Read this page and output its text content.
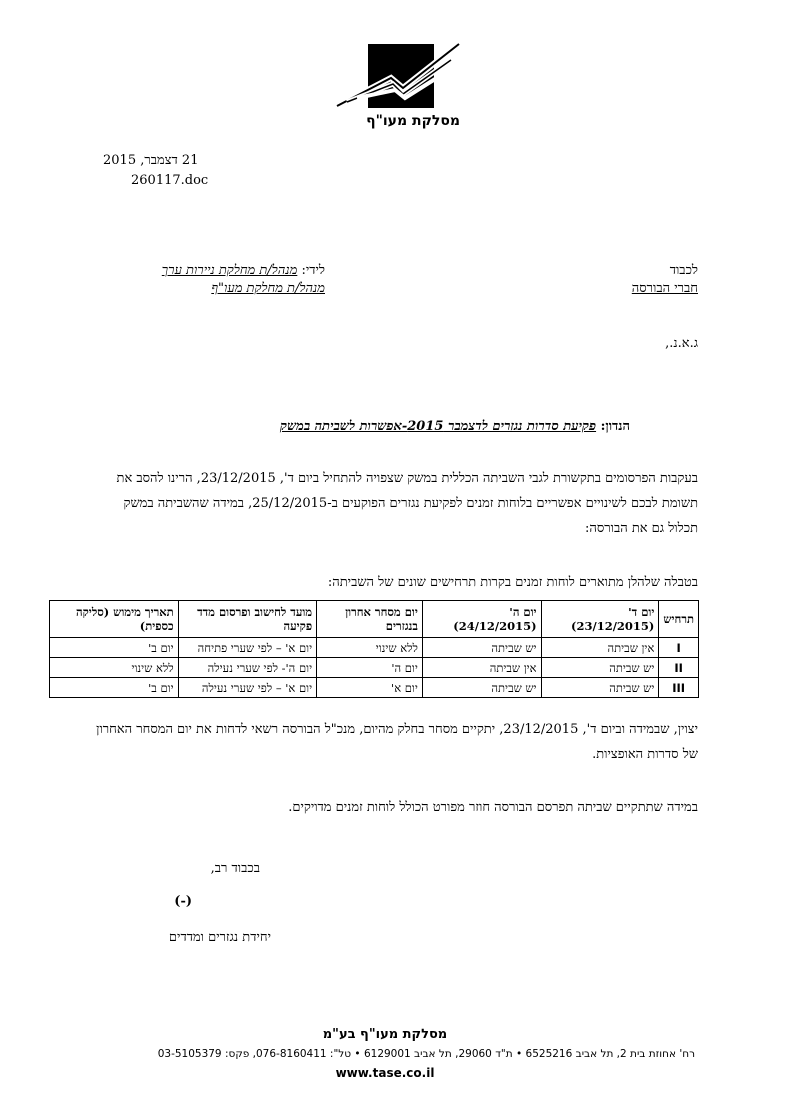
מסלקת מעו"ף
21 דצמבר, 2015
260117.doc
לידי: מנהל/ת מחלקת ניירות ערך
מנהל/ת מחלקת מעו"ף
לכבוד
חברי הבורסה
ג.א.נ.,
הנדון: פקיעת סדרות נגזרים לדצמבר 2015-אפשרות לשביתה במשק
בעקבות הפרסומים בתקשורת לגבי השביתה הכללית במשק שצפויה להתחיל ביום ד', 23/12/2015, הרינו להסב את תשומת לבכם לשינויים אפשריים בלוחות זמנים לפקיעת נגזרים הפוקעים ב-25/12/2015, במידה שהשביתה במשק תכלול גם את הבורסה:
בטבלה שלהלן מתוארים לוחות זמנים בקרות תרחישים שונים של השביתה:
תרחיש	יום ד' (23/12/2015)	יום ה' (24/12/2015)	יום מסחר אחרון בנגזרים	מועד לחישוב ופרסום מדד פקיעה	תאריך מימוש (סליקה כספית)
I	אין שביתה	יש שביתה	ללא שינוי	יום א' – לפי שערי פתיחה	יום ב'
II	יש שביתה	אין שביתה	יום ה'	יום ה'- לפי שערי נעילה	ללא שינוי
III	יש שביתה	יש שביתה	יום א'	יום א' – לפי שערי נעילה	יום ב'
יצוין, שבמידה וביום ד', 23/12/2015, יתקיים מסחר בחלק מהיום, מנכ"ל הבורסה רשאי לדחות את יום המסחר האחרון של סדרות האופציות.
במידה שתתקיים שביתה תפרסם הבורסה חוזר מפורט הכולל לוחות זמנים מדויקים.
בכבוד רב,
(-)
יחידת נגזרים ומדדים
מסלקת מעו"ף בע"מ
רח' אחוזת בית 2, תל אביב 6525216 • ת"ד 29060, תל אביב 6129001 • טל": 076-8160411, פקס: 03-5105379
www.tase.co.il
